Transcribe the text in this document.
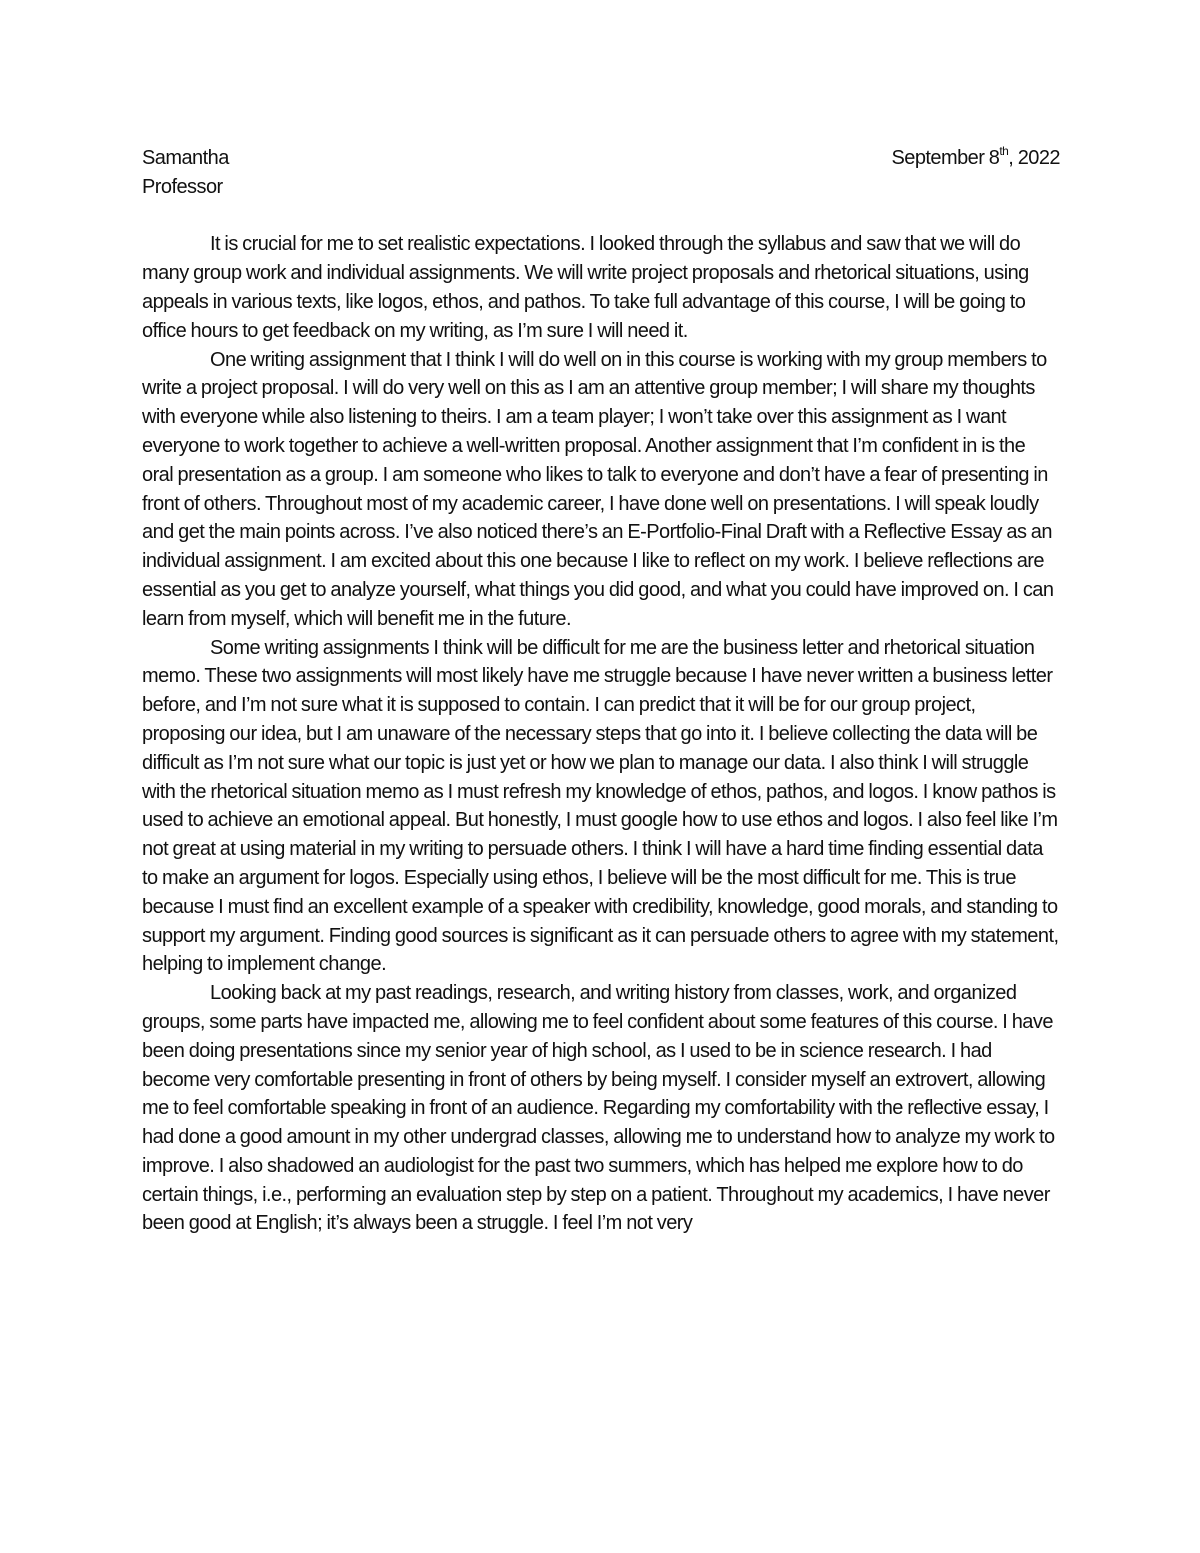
Samantha	September 8th, 2022
Professor

It is crucial for me to set realistic expectations. I looked through the syllabus and saw that we will do many group work and individual assignments. We will write project proposals and rhetorical situations, using appeals in various texts, like logos, ethos, and pathos. To take full advantage of this course, I will be going to office hours to get feedback on my writing, as I’m sure I will need it.

One writing assignment that I think I will do well on in this course is working with my group members to write a project proposal. I will do very well on this as I am an attentive group member; I will share my thoughts with everyone while also listening to theirs. I am a team player; I won’t take over this assignment as I want everyone to work together to achieve a well-written proposal. Another assignment that I’m confident in is the oral presentation as a group. I am someone who likes to talk to everyone and don’t have a fear of presenting in front of others. Throughout most of my academic career, I have done well on presentations. I will speak loudly and get the main points across. I’ve also noticed there’s an E-Portfolio-Final Draft with a Reflective Essay as an individual assignment. I am excited about this one because I like to reflect on my work. I believe reflections are essential as you get to analyze yourself, what things you did good, and what you could have improved on. I can learn from myself, which will benefit me in the future.

Some writing assignments I think will be difficult for me are the business letter and rhetorical situation memo. These two assignments will most likely have me struggle because I have never written a business letter before, and I’m not sure what it is supposed to contain. I can predict that it will be for our group project, proposing our idea, but I am unaware of the necessary steps that go into it. I believe collecting the data will be difficult as I’m not sure what our topic is just yet or how we plan to manage our data. I also think I will struggle with the rhetorical situation memo as I must refresh my knowledge of ethos, pathos, and logos. I know pathos is used to achieve an emotional appeal. But honestly, I must google how to use ethos and logos. I also feel like I’m not great at using material in my writing to persuade others. I think I will have a hard time finding essential data to make an argument for logos. Especially using ethos, I believe will be the most difficult for me. This is true because I must find an excellent example of a speaker with credibility, knowledge, good morals, and standing to support my argument. Finding good sources is significant as it can persuade others to agree with my statement, helping to implement change.

Looking back at my past readings, research, and writing history from classes, work, and organized groups, some parts have impacted me, allowing me to feel confident about some features of this course. I have been doing presentations since my senior year of high school, as I used to be in science research. I had become very comfortable presenting in front of others by being myself. I consider myself an extrovert, allowing me to feel comfortable speaking in front of an audience. Regarding my comfortability with the reflective essay, I had done a good amount in my other undergrad classes, allowing me to understand how to analyze my work to improve. I also shadowed an audiologist for the past two summers, which has helped me explore how to do certain things, i.e., performing an evaluation step by step on a patient. Throughout my academics, I have never been good at English; it’s always been a struggle. I feel I’m not very
